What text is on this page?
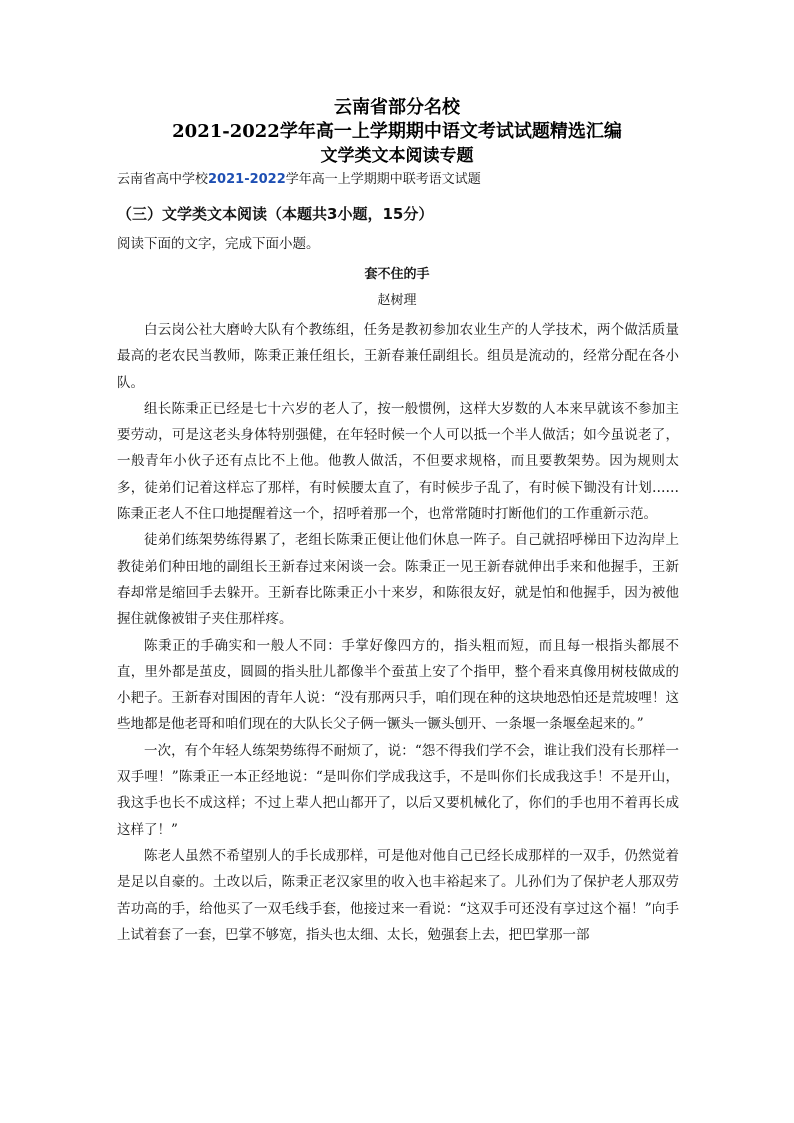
云南省部分名校
2021-2022学年高一上学期期中语文考试试题精选汇编
文学类文本阅读专题
云南省高中学校2021-2022学年高一上学期期中联考语文试题
（三）文学类文本阅读（本题共3小题，15分）
阅读下面的文字，完成下面小题。
套不住的手
赵树理

白云岗公社大磨岭大队有个教练组，任务是教初参加农业生产的人学技术，两个做活质量最高的老农民当教师，陈秉正兼任组长，王新春兼任副组长。组员是流动的，经常分配在各小队。

组长陈秉正已经是七十六岁的老人了，按一般惯例，这样大岁数的人本来早就该不参加主要劳动，可是这老头身体特别强健，在年轻时候一个人可以抵一个半人做活；如今虽说老了，一般青年小伙子还有点比不上他。他教人做活，不但要求规格，而且要教架势。因为规则太多，徒弟们记着这样忘了那样，有时候腰太直了，有时候步子乱了，有时候下锄没有计划……陈秉正老人不住口地提醒着这一个，招呼着那一个，也常常随时打断他们的工作重新示范。

徒弟们练架势练得累了，老组长陈秉正便让他们休息一阵子。自己就招呼梯田下边沟岸上教徒弟们种田地的副组长王新春过来闲谈一会。陈秉正一见王新春就伸出手来和他握手，王新春却常是缩回手去躲开。王新春比陈秉正小十来岁，和陈很友好，就是怕和他握手，因为被他握住就像被钳子夹住那样疼。

陈秉正的手确实和一般人不同：手掌好像四方的，指头粗而短，而且每一根指头都展不直，里外都是茧皮，圆圆的指头肚儿都像半个蚕茧上安了个指甲，整个看来真像用树枝做成的小耙子。王新春对围困的青年人说：“没有那两只手，咱们现在种的这块地恐怕还是荒坡哩！这些地都是他老哥和咱们现在的大队长父子俩一镢头一镢头刨开、一条堰一条堰垒起来的。”

一次，有个年轻人练架势练得不耐烦了，说：“怨不得我们学不会，谁让我们没有长那样一双手哩！”陈秉正一本正经地说：“是叫你们学成我这手，不是叫你们长成我这手！不是开山，我这手也长不成这样；不过上辈人把山都开了，以后又要机械化了，你们的手也用不着再长成这样了！”

陈老人虽然不希望别人的手长成那样，可是他对他自己已经长成那样的一双手，仍然觉着是足以自豪的。土改以后，陈秉正老汉家里的收入也丰裕起来了。儿孙们为了保护老人那双劳苦功高的手，给他买了一双毛线手套，他接过来一看说：“这双手可还没有享过这个福！”向手上试着套了一套，巴掌不够宽，指头也太细、太长，勉强套上去，把巴掌那一部
